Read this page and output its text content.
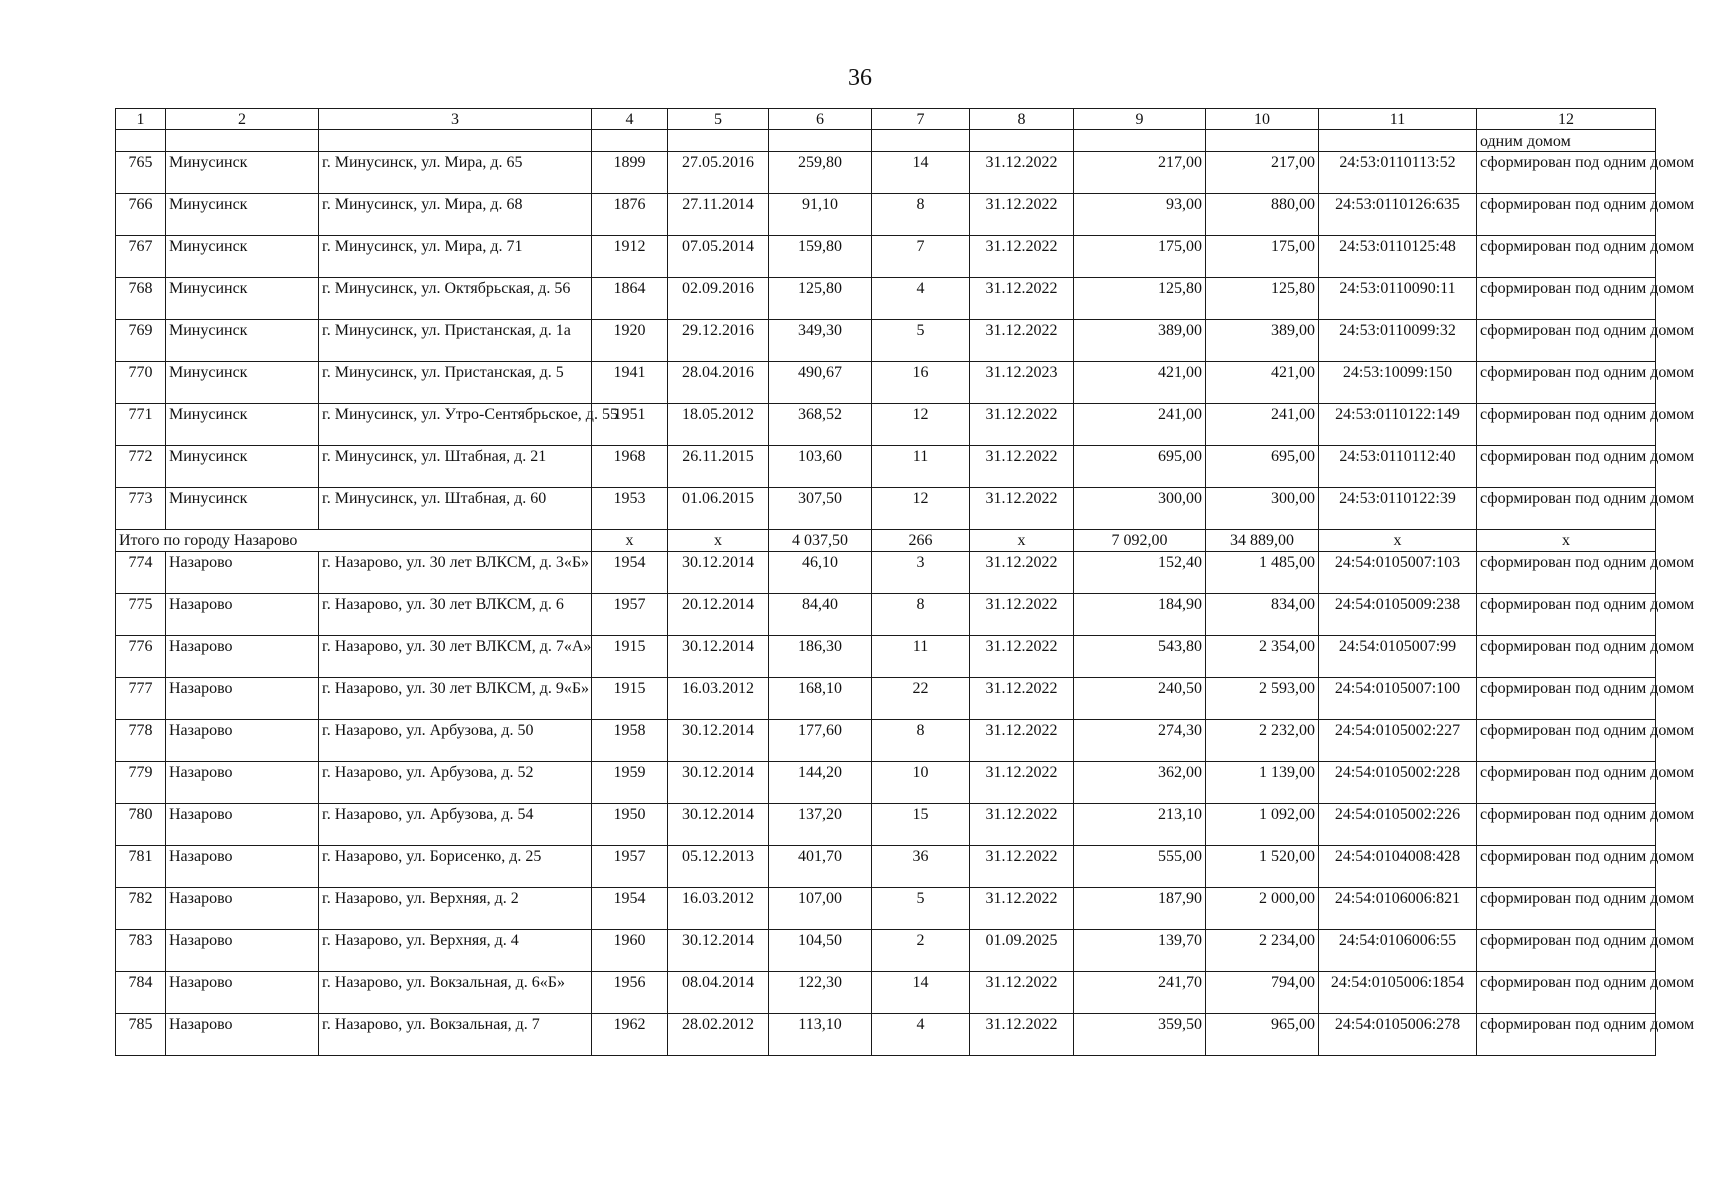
36
1	2	3	4	5	6	7	8	9	10	11	12
											одним домом
765	Минусинск	г. Минусинск, ул. Мира, д. 65	1899	27.05.2016	259,80	14	31.12.2022	217,00	217,00	24:53:0110113:52	сформирован под одним домом
766	Минусинск	г. Минусинск, ул. Мира, д. 68	1876	27.11.2014	91,10	8	31.12.2022	93,00	880,00	24:53:0110126:635	сформирован под одним домом
767	Минусинск	г. Минусинск, ул. Мира, д. 71	1912	07.05.2014	159,80	7	31.12.2022	175,00	175,00	24:53:0110125:48	сформирован под одним домом
768	Минусинск	г. Минусинск, ул. Октябрьская, д. 56	1864	02.09.2016	125,80	4	31.12.2022	125,80	125,80	24:53:0110090:11	сформирован под одним домом
769	Минусинск	г. Минусинск, ул. Пристанская, д. 1а	1920	29.12.2016	349,30	5	31.12.2022	389,00	389,00	24:53:0110099:32	сформирован под одним домом
770	Минусинск	г. Минусинск, ул. Пристанская, д. 5	1941	28.04.2016	490,67	16	31.12.2023	421,00	421,00	24:53:10099:150	сформирован под одним домом
771	Минусинск	г. Минусинск, ул. Утро-Сентябрьское, д. 55	1951	18.05.2012	368,52	12	31.12.2022	241,00	241,00	24:53:0110122:149	сформирован под одним домом
772	Минусинск	г. Минусинск, ул. Штабная, д. 21	1968	26.11.2015	103,60	11	31.12.2022	695,00	695,00	24:53:0110112:40	сформирован под одним домом
773	Минусинск	г. Минусинск, ул. Штабная, д. 60	1953	01.06.2015	307,50	12	31.12.2022	300,00	300,00	24:53:0110122:39	сформирован под одним домом
Итого по городу Назарово			х	х	4 037,50	266	х	7 092,00	34 889,00	х	х
774	Назарово	г. Назарово, ул. 30 лет ВЛКСМ, д. 3«Б»	1954	30.12.2014	46,10	3	31.12.2022	152,40	1 485,00	24:54:0105007:103	сформирован под одним домом
775	Назарово	г. Назарово, ул. 30 лет ВЛКСМ, д. 6	1957	20.12.2014	84,40	8	31.12.2022	184,90	834,00	24:54:0105009:238	сформирован под одним домом
776	Назарово	г. Назарово, ул. 30 лет ВЛКСМ, д. 7«А»	1915	30.12.2014	186,30	11	31.12.2022	543,80	2 354,00	24:54:0105007:99	сформирован под одним домом
777	Назарово	г. Назарово, ул. 30 лет ВЛКСМ, д. 9«Б»	1915	16.03.2012	168,10	22	31.12.2022	240,50	2 593,00	24:54:0105007:100	сформирован под одним домом
778	Назарово	г. Назарово, ул. Арбузова, д. 50	1958	30.12.2014	177,60	8	31.12.2022	274,30	2 232,00	24:54:0105002:227	сформирован под одним домом
779	Назарово	г. Назарово, ул. Арбузова, д. 52	1959	30.12.2014	144,20	10	31.12.2022	362,00	1 139,00	24:54:0105002:228	сформирован под одним домом
780	Назарово	г. Назарово, ул. Арбузова, д. 54	1950	30.12.2014	137,20	15	31.12.2022	213,10	1 092,00	24:54:0105002:226	сформирован под одним домом
781	Назарово	г. Назарово, ул. Борисенко, д. 25	1957	05.12.2013	401,70	36	31.12.2022	555,00	1 520,00	24:54:0104008:428	сформирован под одним домом
782	Назарово	г. Назарово, ул. Верхняя, д. 2	1954	16.03.2012	107,00	5	31.12.2022	187,90	2 000,00	24:54:0106006:821	сформирован под одним домом
783	Назарово	г. Назарово, ул. Верхняя, д. 4	1960	30.12.2014	104,50	2	01.09.2025	139,70	2 234,00	24:54:0106006:55	сформирован под одним домом
784	Назарово	г. Назарово, ул. Вокзальная, д. 6«Б»	1956	08.04.2014	122,30	14	31.12.2022	241,70	794,00	24:54:0105006:1854	сформирован под одним домом
785	Назарово	г. Назарово, ул. Вокзальная, д. 7	1962	28.02.2012	113,10	4	31.12.2022	359,50	965,00	24:54:0105006:278	сформирован под одним домом
